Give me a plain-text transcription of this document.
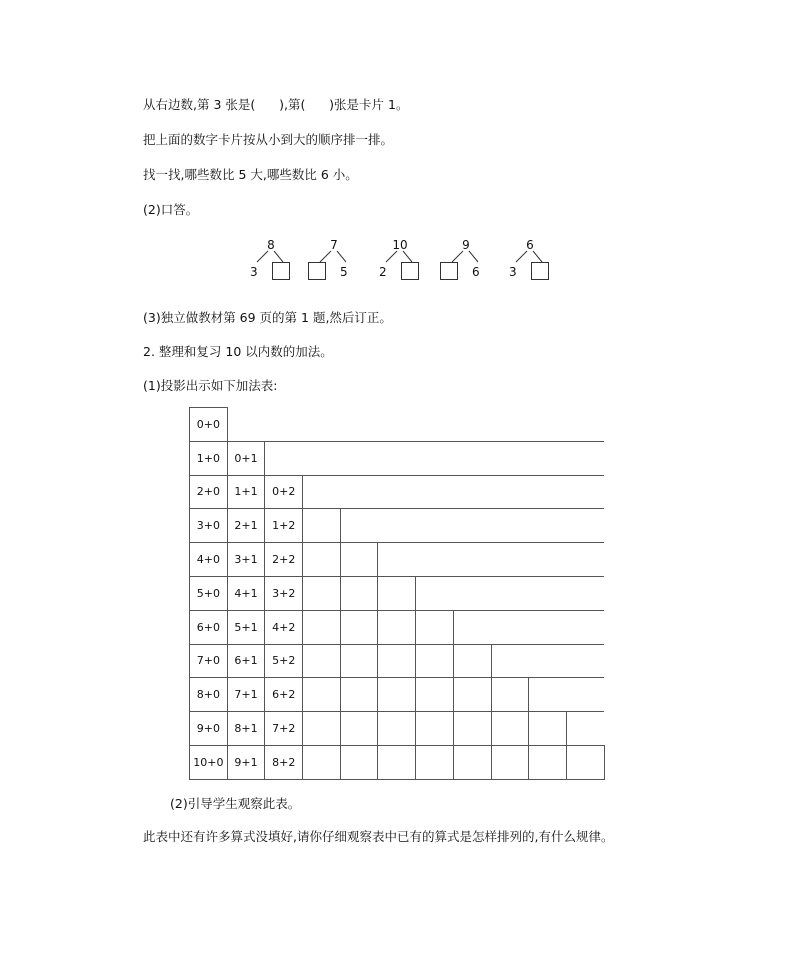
从右边数,第 3 张是(      ),第(      )张是卡片 1。
把上面的数字卡片按从小到大的顺序排一排。
找一找,哪些数比 5 大,哪些数比 6 小。
(2)口答。
8
3
7
5
10
2
9
6
6
3
(3)独立做教材第 69 页的第 1 题,然后订正。
2. 整理和复习 10 以内数的加法。
(1)投影出示如下加法表:
0+0										
1+0	0+1									
2+0	1+1	0+2								
3+0	2+1	1+2								
4+0	3+1	2+2								
5+0	4+1	3+2								
6+0	5+1	4+2								
7+0	6+1	5+2								
8+0	7+1	6+2								
9+0	8+1	7+2								
10+0	9+1	8+2								
(2)引导学生观察此表。
此表中还有许多算式没填好,请你仔细观察表中已有的算式是怎样排列的,有什么规律。
